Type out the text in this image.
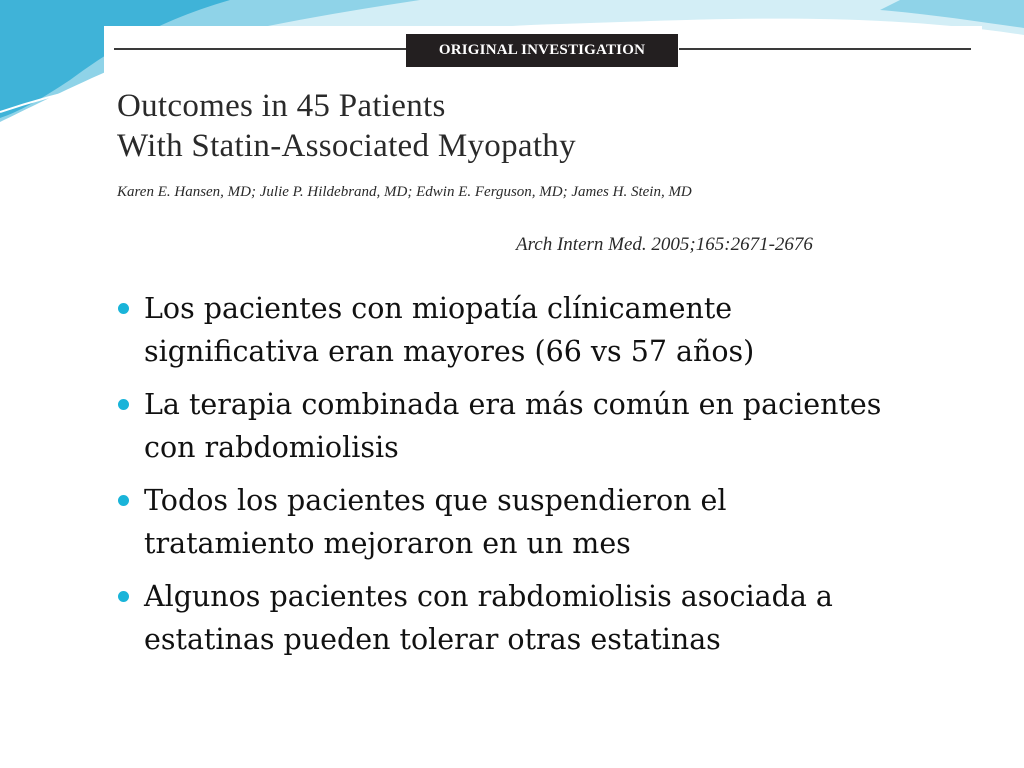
ORIGINAL INVESTIGATION
Outcomes in 45 Patients
With Statin-Associated Myopathy
Karen E. Hansen, MD; Julie P. Hildebrand, MD; Edwin E. Ferguson, MD; James H. Stein, MD
Arch Intern Med. 2005;165:2671-2676
Los pacientes con miopatía clínicamente
significativa eran mayores (66 vs 57 años)
La terapia combinada era más común en pacientes
con rabdomiolisis
Todos los pacientes que suspendieron el
tratamiento mejoraron en un mes
Algunos pacientes con rabdomiolisis asociada a
estatinas pueden tolerar otras estatinas
